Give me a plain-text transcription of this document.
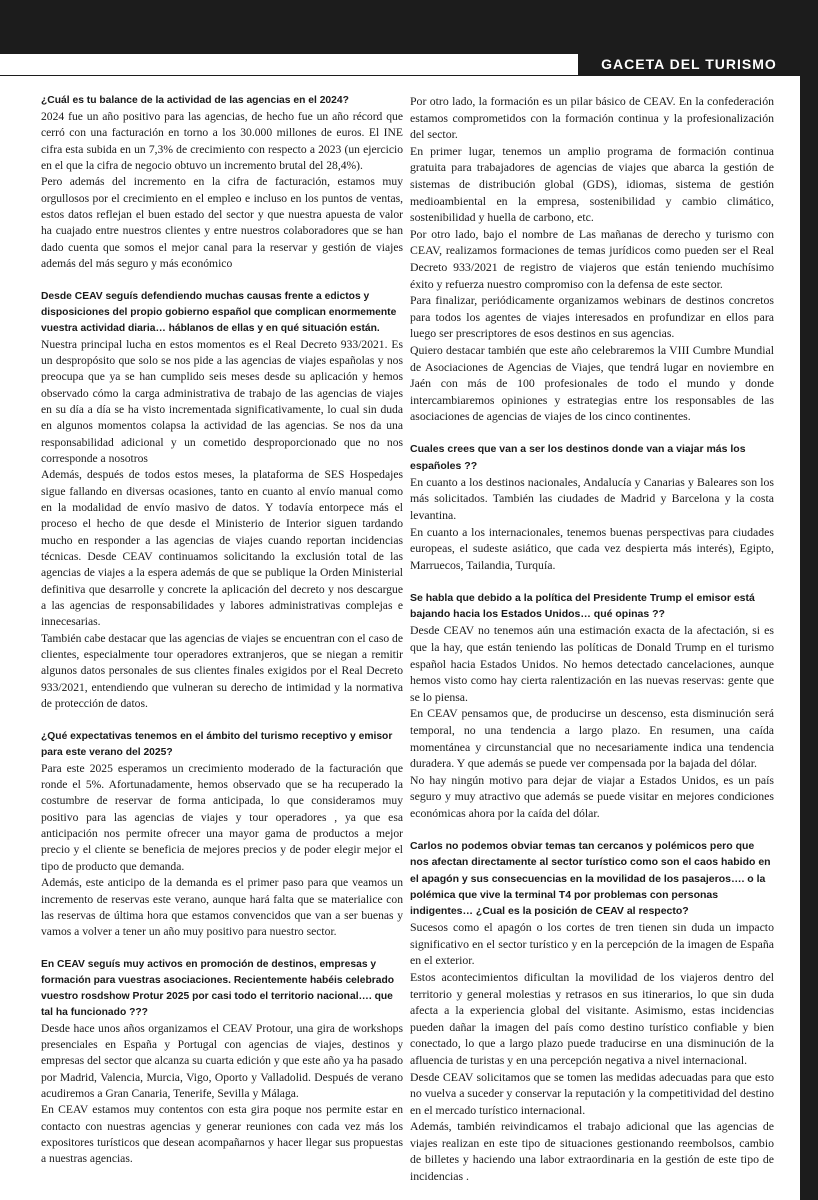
GACETA DEL TURISMO

¿Cuál es tu balance de la actividad de las agencias en el 2024?

2024 fue un año positivo para las agencias, de hecho fue un año récord que cerró con una facturación en torno a los 30.000 millones de euros. El INE cifra esta subida en un 7,3% de crecimiento con respecto a 2023 (un ejercicio en el que la cifra de negocio obtuvo un incremento brutal del 28,4%).

Pero además del incremento en la cifra de facturación, estamos muy orgullosos por el crecimiento en el empleo e incluso en los puntos de ventas, estos datos reflejan el buen estado del sector y que nuestra apuesta de valor ha cuajado entre nuestros clientes y entre nuestros colaboradores que se han dado cuenta que somos el mejor canal para la reservar y gestión de viajes además del más seguro y más económico

Desde CEAV seguís defendiendo muchas causas frente a edictos y disposiciones del propio gobierno español que complican enormemente vuestra actividad diaria… háblanos de ellas y en qué situación están.

Nuestra principal lucha en estos momentos es el Real Decreto 933/2021. Es un despropósito que solo se nos pide a las agencias de viajes españolas y nos preocupa que ya se han cumplido seis meses desde su aplicación y hemos observado cómo la carga administrativa de trabajo de las agencias de viajes en su día a día se ha visto incrementada significativamente, lo cual sin duda en algunos momentos colapsa la actividad de las agencias. Se nos da una responsabilidad adicional y un cometido desproporcionado que no nos corresponde a nosotros

Además, después de todos estos meses, la plataforma de SES Hospedajes sigue fallando en diversas ocasiones, tanto en cuanto al envío manual como en la modalidad de envío masivo de datos. Y todavía entorpece más el proceso el hecho de que desde el Ministerio de Interior siguen tardando mucho en responder a las agencias de viajes cuando reportan incidencias técnicas. Desde CEAV continuamos solicitando la exclusión total de las agencias de viajes a la espera además de que se publique la Orden Ministerial definitiva que desarrolle y concrete la aplicación del decreto y nos descargue a las agencias de responsabilidades y labores administrativas complejas e innecesarias.

También cabe destacar que las agencias de viajes se encuentran con el caso de clientes, especialmente tour operadores extranjeros, que se niegan a remitir algunos datos personales de sus clientes finales exigidos por el Real Decreto 933/2021, entendiendo que vulneran su derecho de intimidad y la normativa de protección de datos.

¿Qué expectativas tenemos en el ámbito del turismo receptivo y emisor para este verano del 2025?

Para este 2025 esperamos un crecimiento moderado de la facturación que ronde el 5%. Afortunadamente, hemos observado que se ha recuperado la costumbre de reservar de forma anticipada, lo que consideramos muy positivo para las agencias de viajes y tour operadores , ya que esa anticipación nos permite ofrecer una mayor gama de productos a mejor precio y el cliente se beneficia de mejores precios y de poder elegir mejor el tipo de producto que demanda.

Además, este anticipo de la demanda es el primer paso para que veamos un incremento de reservas este verano, aunque hará falta que se materialice con las reservas de última hora que estamos convencidos que van a ser buenas y vamos a volver a tener un año muy positivo para nuestro sector.

En CEAV seguís muy activos en promoción de destinos, empresas y formación para vuestras asociaciones. Recientemente habéis celebrado vuestro rosdshow Protur 2025 por casi todo el territorio nacional…. que tal ha funcionado ???

Desde hace unos años organizamos el CEAV Protour, una gira de workshops presenciales en España y Portugal con agencias de viajes, destinos y empresas del sector que alcanza su cuarta edición y que este año ya ha pasado por Madrid, Valencia, Murcia, Vigo, Oporto y Valladolid. Después de verano acudiremos a Gran Canaria, Tenerife, Sevilla y Málaga.

En CEAV estamos muy contentos con esta gira poque nos permite estar en contacto con nuestras agencias y generar reuniones con cada vez más los expositores turísticos que desean acompañarnos y hacer llegar sus propuestas a nuestras agencias.

Por otro lado, la formación es un pilar básico de CEAV. En la confederación estamos comprometidos con la formación continua y la profesionalización del sector.

En primer lugar, tenemos un amplio programa de formación continua gratuita para trabajadores de agencias de viajes que abarca la gestión de sistemas de distribución global (GDS), idiomas, sistema de gestión medioambiental en la empresa, sostenibilidad y cambio climático, sostenibilidad y huella de carbono, etc.

Por otro lado, bajo el nombre de Las mañanas de derecho y turismo con CEAV, realizamos formaciones de temas jurídicos como pueden ser el Real Decreto 933/2021 de registro de viajeros que están teniendo muchísimo éxito y refuerza nuestro compromiso con la defensa de este sector.

Para finalizar, periódicamente organizamos webinars de destinos concretos para todos los agentes de viajes interesados en profundizar en ellos para luego ser prescriptores de esos destinos en sus agencias.

Quiero destacar también que este año celebraremos la VIII Cumbre Mundial de Asociaciones de Agencias de Viajes, que tendrá lugar en noviembre en Jaén con más de 100 profesionales de todo el mundo y donde intercambiaremos opiniones y estrategias entre los responsables de las asociaciones de agencias de viajes de los cinco continentes.

Cuales crees que van a ser los destinos donde van a viajar más los españoles ??

En cuanto a los destinos nacionales, Andalucía y Canarias y Baleares son los más solicitados. También las ciudades de Madrid y Barcelona y la costa levantina.

En cuanto a los internacionales, tenemos buenas perspectivas para ciudades europeas, el sudeste asiático, que cada vez despierta más interés), Egipto, Marruecos, Tailandia, Turquía.

Se habla que debido a la política del Presidente Trump el emisor está bajando hacia los Estados Unidos… qué opinas ??

Desde CEAV no tenemos aún una estimación exacta de la afectación, si es que la hay, que están teniendo las políticas de Donald Trump en el turismo español hacia Estados Unidos. No hemos detectado cancelaciones, aunque hemos visto como hay cierta ralentización en las nuevas reservas: gente que se lo piensa.

En CEAV pensamos que, de producirse un descenso, esta disminución será temporal, no una tendencia a largo plazo. En resumen, una caída momentánea y circunstancial que no necesariamente indica una tendencia duradera. Y que además se puede ver compensada por la bajada del dólar.

No hay ningún motivo para dejar de viajar a Estados Unidos, es un país seguro y muy atractivo que además se puede visitar en mejores condiciones económicas ahora por la caída del dólar.

Carlos no podemos obviar temas tan cercanos y polémicos pero que nos afectan directamente al sector turístico como son el caos habido en el apagón y sus consecuencias en la movilidad de los pasajeros…. o la polémica que vive la terminal T4 por problemas con personas indigentes… ¿Cual es la posición de CEAV al respecto?

Sucesos como el apagón o los cortes de tren tienen sin duda un impacto significativo en el sector turístico y en la percepción de la imagen de España en el exterior.

Estos acontecimientos dificultan la movilidad de los viajeros dentro del territorio y general molestias y retrasos en sus itinerarios, lo que sin duda afecta a la experiencia global del visitante. Asimismo, estas incidencias pueden dañar la imagen del país como destino turístico confiable y bien conectado, lo que a largo plazo puede traducirse en una disminución de la afluencia de turistas y en una percepción negativa a nivel internacional.

Desde CEAV solicitamos que se tomen las medidas adecuadas para que esto no vuelva a suceder y conservar la reputación y la competitividad del destino en el mercado turístico internacional.

Además, también reivindicamos el trabajo adicional que las agencias de viajes realizan en este tipo de situaciones gestionando reembolsos, cambio de billetes y haciendo una labor extraordinaria en la gestión de este tipo de incidencias .
